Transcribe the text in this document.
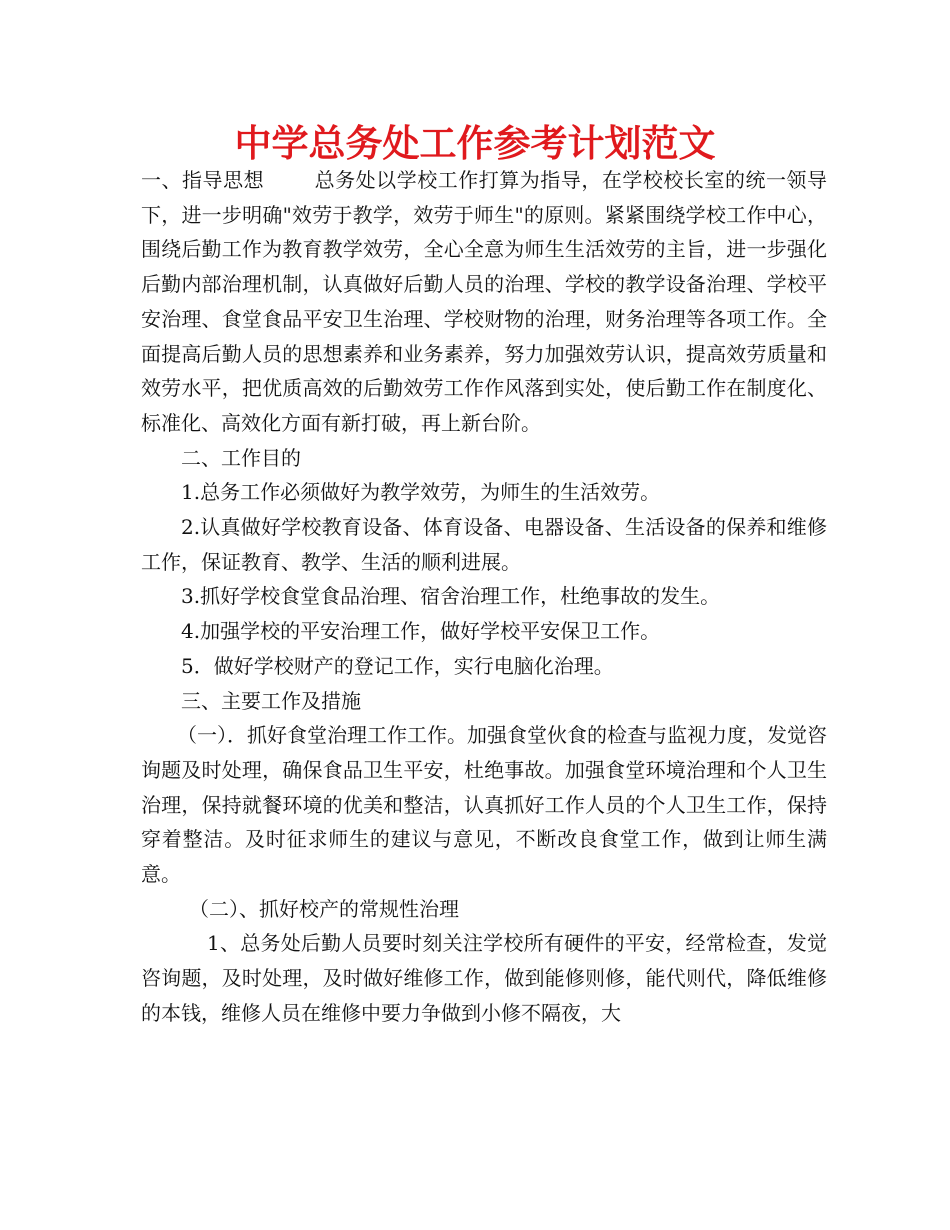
中学总务处工作参考计划范文

一、指导思想	总务处以学校工作打算为指导，在学校校长室的统一领导下，进一步明确"效劳于教学，效劳于师生"的原则。紧紧围绕学校工作中心，围绕后勤工作为教育教学效劳，全心全意为师生生活效劳的主旨，进一步强化后勤内部治理机制，认真做好后勤人员的治理、学校的教学设备治理、学校平安治理、食堂食品平安卫生治理、学校财物的治理，财务治理等各项工作。全面提高后勤人员的思想素养和业务素养，努力加强效劳认识，提高效劳质量和效劳水平，把优质高效的后勤效劳工作作风落到实处，使后勤工作在制度化、标准化、高效化方面有新打破，再上新台阶。

二、工作目的

1.总务工作必须做好为教学效劳，为师生的生活效劳。

2.认真做好学校教育设备、体育设备、电器设备、生活设备的保养和维修工作，保证教育、教学、生活的顺利进展。

3.抓好学校食堂食品治理、宿舍治理工作，杜绝事故的发生。

4.加强学校的平安治理工作，做好学校平安保卫工作。

5．做好学校财产的登记工作，实行电脑化治理。

三、主要工作及措施

（一）．抓好食堂治理工作工作。加强食堂伙食的检查与监视力度，发觉咨询题及时处理，确保食品卫生平安，杜绝事故。加强食堂环境治理和个人卫生治理，保持就餐环境的优美和整洁，认真抓好工作人员的个人卫生工作，保持穿着整洁。及时征求师生的建议与意见，不断改良食堂工作，做到让师生满意。

（二）、抓好校产的常规性治理

1、总务处后勤人员要时刻关注学校所有硬件的平安，经常检查，发觉咨询题，及时处理，及时做好维修工作，做到能修则修，能代则代，降低维修的本钱，维修人员在维修中要力争做到小修不隔夜，大
